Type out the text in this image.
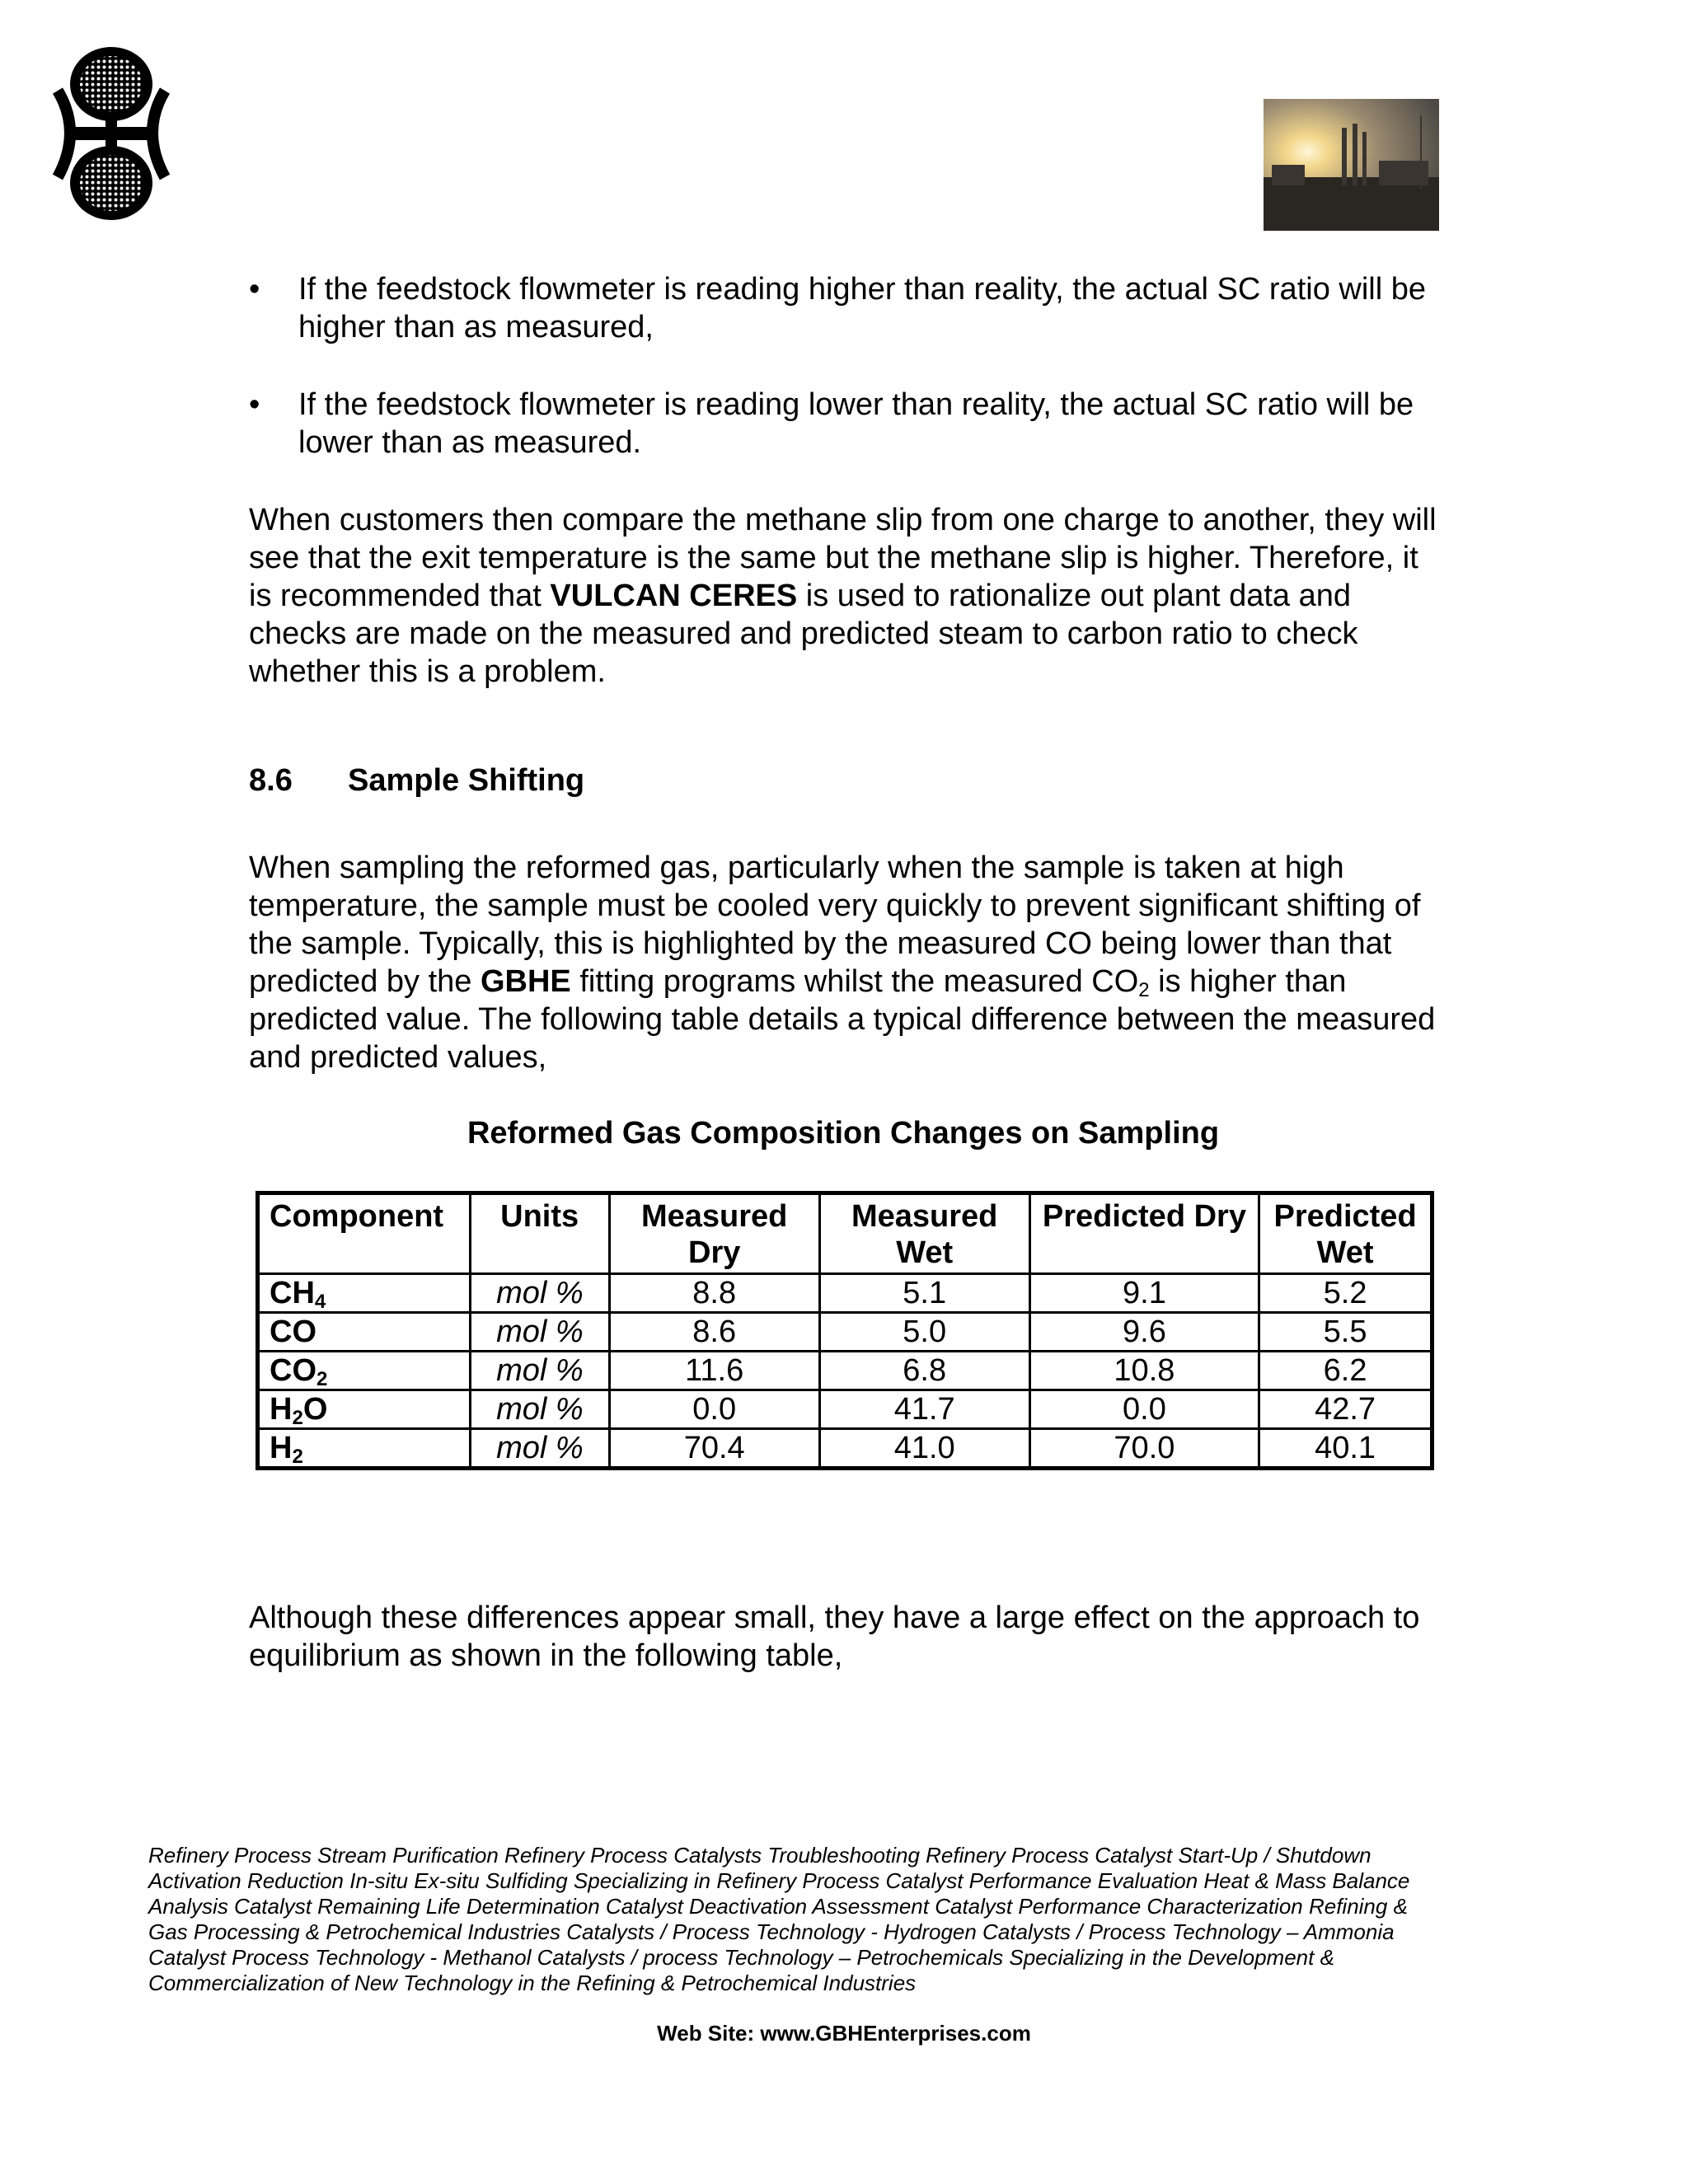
•	If the feedstock flowmeter is reading higher than reality, the actual SC ratio will be higher than as measured,
•	If the feedstock flowmeter is reading lower than reality, the actual SC ratio will be lower than as measured.
When customers then compare the methane slip from one charge to another, they will see that the exit temperature is the same but the methane slip is higher. Therefore, it is recommended that VULCAN CERES is used to rationalize out plant data and checks are made on the measured and predicted steam to carbon ratio to check whether this is a problem.
8.6 Sample Shifting
When sampling the reformed gas, particularly when the sample is taken at high temperature, the sample must be cooled very quickly to prevent significant shifting of the sample. Typically, this is highlighted by the measured CO being lower than that predicted by the GBHE fitting programs whilst the measured $CO_2$ is higher than predicted value. The following table details a typical difference between the measured and predicted values,
Reformed Gas Composition Changes on Sampling
Component	Units	Measured Dry	Measured Wet	Predicted Dry	Predicted Wet
$CH_4$	mol %	8.8	5.1	9.1	5.2
CO	mol %	8.6	5.0	9.6	5.5
$CO_2$	mol %	11.6	6.8	10.8	6.2
$H_2O$	mol %	0.0	41.7	0.0	42.7
$H_2$	mol %	70.4	41.0	70.0	40.1
Although these differences appear small, they have a large effect on the approach to equilibrium as shown in the following table,
Refinery Process Stream Purification Refinery Process Catalysts Troubleshooting Refinery Process Catalyst Start-Up / Shutdown Activation Reduction In-situ Ex-situ Sulfiding Specializing in Refinery Process Catalyst Performance Evaluation Heat & Mass Balance Analysis Catalyst Remaining Life Determination Catalyst Deactivation Assessment Catalyst Performance Characterization Refining & Gas Processing & Petrochemical Industries Catalysts / Process Technology - Hydrogen Catalysts / Process Technology – Ammonia Catalyst Process Technology - Methanol Catalysts / process Technology – Petrochemicals Specializing in the Development & Commercialization of New Technology in the Refining & Petrochemical Industries
Web Site: www.GBHEnterprises.com
